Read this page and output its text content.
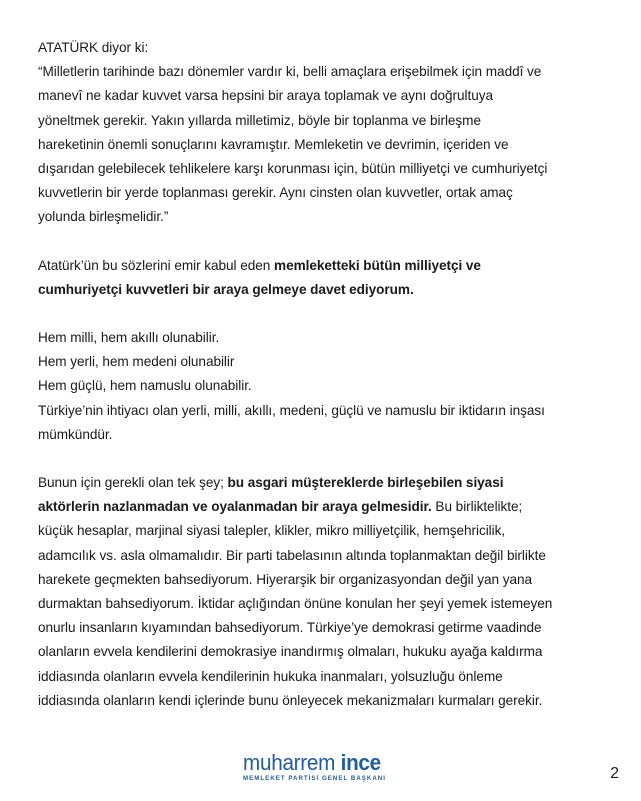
ATATÜRK diyor ki:

“Milletlerin tarihinde bazı dönemler vardır ki, belli amaçlara erişebilmek için maddî ve

manevî ne kadar kuvvet varsa hepsini bir araya toplamak ve aynı doğrultuya

yöneltmek gerekir. Yakın yıllarda milletimiz, böyle bir toplanma ve birleşme

hareketinin önemli sonuçlarını kavramıştır. Memleketin ve devrimin, içeriden ve

dışarıdan gelebilecek tehlikelere karşı korunması için, bütün milliyetçi ve cumhuriyetçi

kuvvetlerin bir yerde toplanması gerekir. Aynı cinsten olan kuvvetler, ortak amaç

yolunda birleşmelidir.”

Atatürk’ün bu sözlerini emir kabul eden memleketteki bütün milliyetçi ve

cumhuriyetçi kuvvetleri bir araya gelmeye davet ediyorum.

Hem milli, hem akıllı olunabilir.

Hem yerli, hem medeni olunabilir

Hem güçlü, hem namuslu olunabilir.

Türkiye’nin ihtiyacı olan yerli, milli, akıllı, medeni, güçlü ve namuslu bir iktidarın inşası

mümkündür.

Bunun için gerekli olan tek şey; bu asgari müştereklerde birleşebilen siyasi

aktörlerin nazlanmadan ve oyalanmadan bir araya gelmesidir. Bu birliktelikte;

küçük hesaplar, marjinal siyasi talepler, klikler, mikro milliyetçilik, hemşehricilik,

adamcılık vs. asla olmamalıdır. Bir parti tabelasının altında toplanmaktan değil birlikte

harekete geçmekten bahsediyorum. Hiyerarşik bir organizasyondan değil yan yana

durmaktan bahsediyorum. İktidar açlığından önüne konulan her şeyi yemek istemeyen

onurlu insanların kıyamından bahsediyorum. Türkiye’ye demokrasi getirme vaadinde

olanların evvela kendilerini demokrasiye inandırmış olmaları, hukuku ayağa kaldırma

iddiasında olanların evvela kendilerinin hukuka inanmaları, yolsuzluğu önleme

iddiasında olanların kendi içlerinde bunu önleyecek mekanizmaları kurmaları gerekir.

muharrem ince
MEMLEKET PARTİSİ GENEL BAŞKANI	2
